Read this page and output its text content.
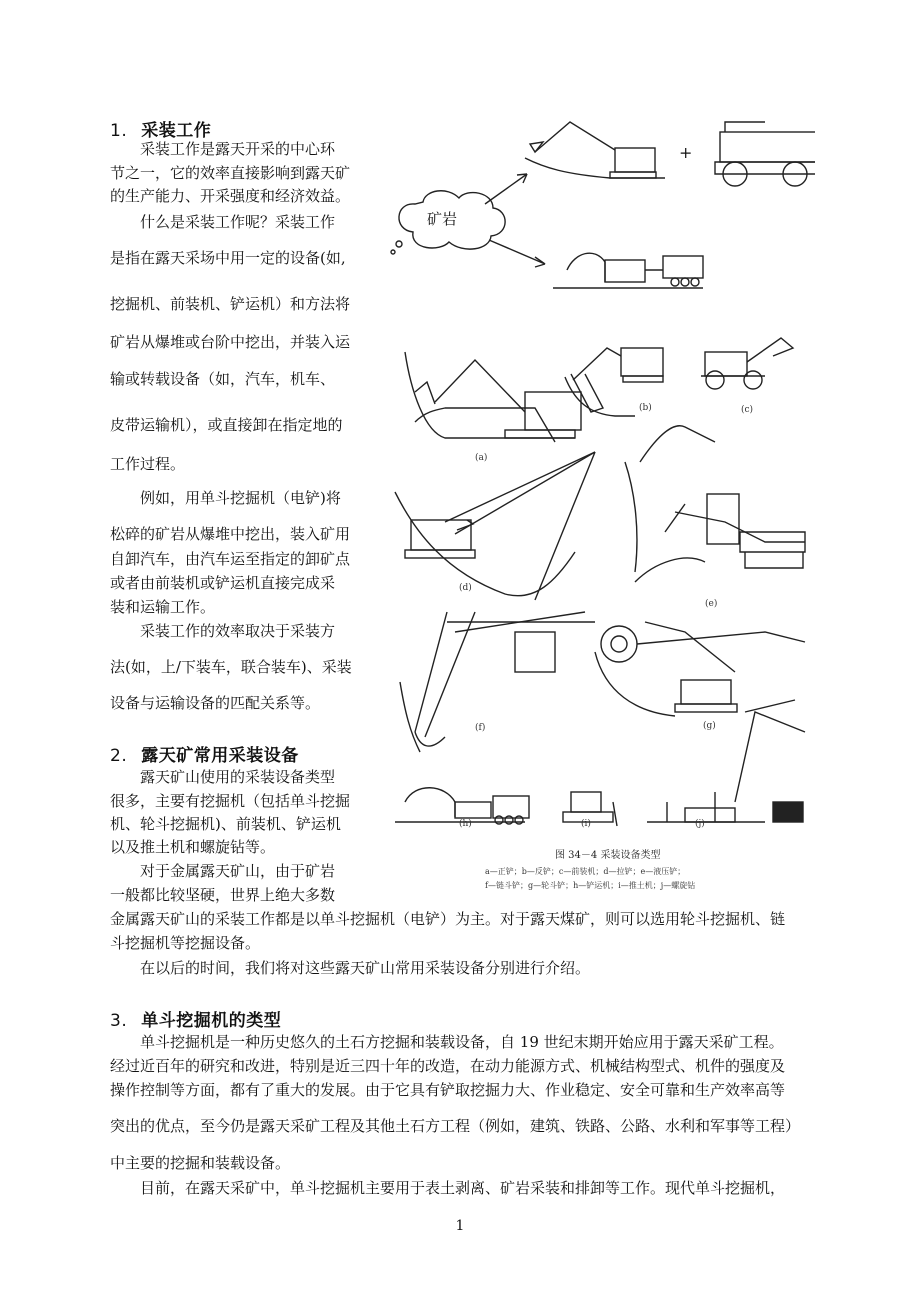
1. 采装工作
采装工作是露天开采的中心环
节之一，它的效率直接影响到露天矿
的生产能力、开采强度和经济效益。
什么是采装工作呢？采装工作
是指在露天采场中用一定的设备(如,
挖掘机、前装机、铲运机）和方法将
矿岩从爆堆或台阶中挖出，并装入运
输或转载设备（如，汽车，机车、
皮带运输机），或直接卸在指定地的
工作过程。
例如，用单斗挖掘机（电铲)将
松碎的矿岩从爆堆中挖出，装入矿用
自卸汽车，由汽车运至指定的卸矿点
或者由前装机或铲运机直接完成采
装和运输工作。
采装工作的效率取决于采装方
法(如，上/下装车，联合装车)、采装
设备与运输设备的匹配关系等。
2. 露天矿常用采装设备
露天矿山使用的采装设备类型
很多，主要有挖掘机（包括单斗挖掘
机、轮斗挖掘机)、前装机、铲运机
以及推土机和螺旋钻等。
对于金属露天矿山，由于矿岩
一般都比较坚硬，世界上绝大多数
金属露天矿山的采装工作都是以单斗挖掘机（电铲）为主。对于露天煤矿，则可以选用轮斗挖掘机、链
斗挖掘机等挖掘设备。
在以后的时间，我们将对这些露天矿山常用采装设备分别进行介绍。
3. 单斗挖掘机的类型
单斗挖掘机是一种历史悠久的土石方挖掘和装载设备，自 19 世纪末期开始应用于露天采矿工程。
经过近百年的研究和改进，特别是近三四十年的改造，在动力能源方式、机械结构型式、机件的强度及
操作控制等方面，都有了重大的发展。由于它具有铲取挖掘力大、作业稳定、安全可靠和生产效率高等
突出的优点，至今仍是露天采矿工程及其他土石方工程（例如，建筑、铁路、公路、水利和军事等工程）
中主要的挖掘和装载设备。
目前，在露天采矿中，单斗挖掘机主要用于表土剥离、矿岩采装和排卸等工作。现代单斗挖掘机，
矿岩
+
(a)
(b)	(c)
(d)
(e)
(f)	(g)
(h)	(i)	(j)
图 34－4 采装设备类型
a—正铲；b—反铲；c—前装机；d—拉铲；e—液压铲；
f—链斗铲；g—轮斗铲；h—铲运机；i—推土机；j—螺旋钻
1
